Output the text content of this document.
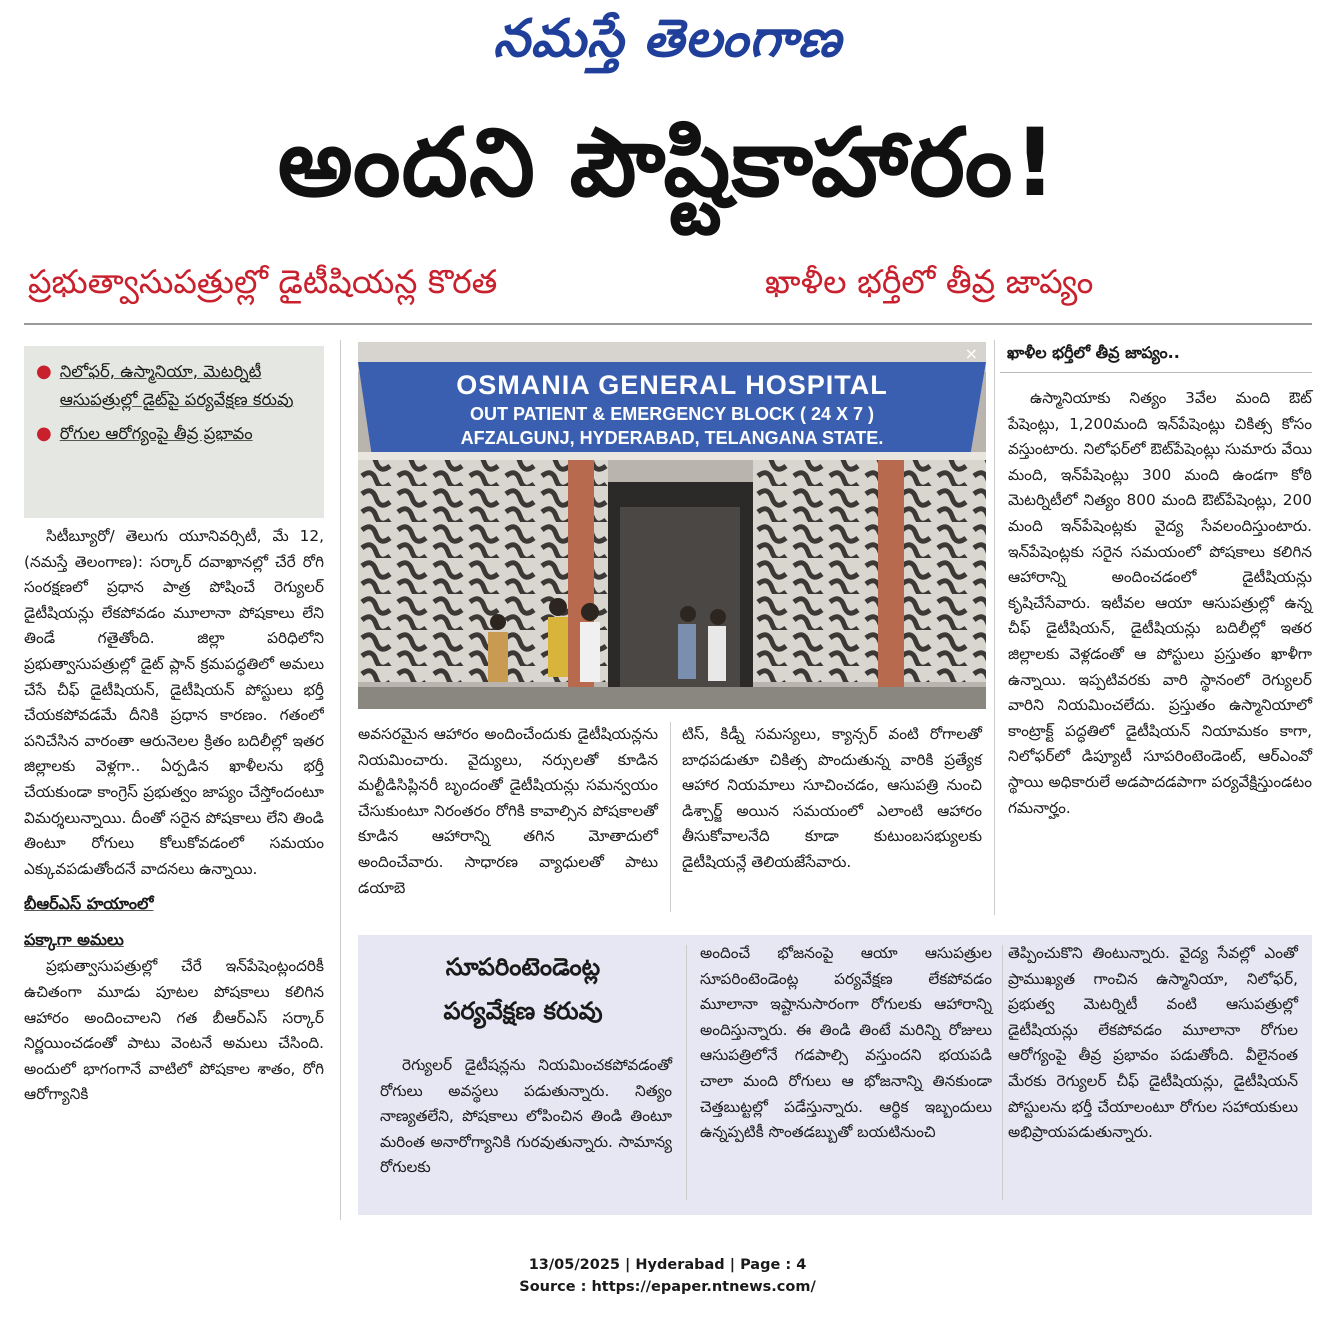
నమస్తే తెలంగాణ
అందని పౌష్టికాహారం!
ప్రభుత్వాసుపత్రుల్లో డైటీషియన్ల కొరత	ఖాళీల భర్తీలో తీవ్ర జాప్యం
● నిలోఫర్‌, ఉస్మానియా, మెటర్నిటీ ఆసుపత్రుల్లో డైట్‌పై పర్యవేక్షణ కరువు
● రోగుల ఆరోగ్యంపై తీవ్ర ప్రభావం

సిటీబ్యూరో/ తెలుగు యూనివర్సిటీ, మే 12,(నమస్తే తెలంగాణ): సర్కార్‌ దవాఖానల్లో చేరే రోగి సంరక్షణలో ప్రధాన పాత్ర పోషించే రెగ్యులర్‌ డైటీషియన్లు లేకపోవడం మూలానా పోషకాలు లేని తిండే గతైతోంది. జిల్లా పరిధిలోని ప్రభుత్వాసుపత్రుల్లో డైట్‌ ప్లాన్‌ క్రమపద్ధతిలో అమలు చేసే చీఫ్‌ డైటీషియన్‌, డైటీషియన్‌ పోస్టులు భర్తీ చేయకపోవడమే దీనికి ప్రధాన కారణం. గతంలో పనిచేసిన వారంతా ఆరునెలల క్రితం బదిలీల్లో ఇతర జిల్లాలకు వెళ్లగా.. ఏర్పడిన ఖాళీలను భర్తీ చేయకుండా కాంగ్రెస్‌ ప్రభుత్వం జాప్యం చేస్తోందంటూ విమర్శలున్నాయి. దీంతో సరైన పోషకాలు లేని తిండి తింటూ రోగులు కోలుకోవడంలో సమయం ఎక్కువపడుతోందనే వాదనలు ఉన్నాయి.

బీఆర్‌ఎస్‌ హయాంలో
పక్కాగా అమలు

ప్రభుత్వాసుపత్రుల్లో చేరే ఇన్‌పేషెంట్లందరికీ ఉచితంగా మూడు పూటల పోషకాలు కలిగిన ఆహారం అందించాలని గత బీఆర్‌ఎస్‌ సర్కార్‌ నిర్ణయించడంతో పాటు వెంటనే అమలు చేసింది. అందులో భాగంగానే వాటిలో పోషకాల శాతం, రోగి ఆరోగ్యానికి

OSMANIA GENERAL HOSPITAL
OUT PATIENT & EMERGENCY BLOCK ( 24 X 7 )
AFZALGUNJ, HYDERABAD, TELANGANA STATE.
×
అవసరమైన ఆహారం అందించేందుకు డైటీషియన్లను నియమించారు. వైద్యులు, నర్సులతో కూడిన మల్టీడిసిప్లినరీ బృందంతో డైటీషియన్లు సమన్వయం చేసుకుంటూ నిరంతరం రోగికి కావాల్సిన పోషకాలతో కూడిన ఆహారాన్ని తగిన మోతాదులో అందించేవారు. సాధారణ వ్యాధులతో పాటు డయాబె
టిస్‌, కిడ్నీ సమస్యలు, క్యాన్సర్‌ వంటి రోగాలతో బాధపడుతూ చికిత్స పొందుతున్న వారికి ప్రత్యేక ఆహార నియమాలు సూచించడం, ఆసుపత్రి నుంచి డిశ్చార్జ్‌ అయిన సమయంలో ఎలాంటి ఆహారం తీసుకోవాలనేది కూడా కుటుంబసభ్యులకు డైటీషియన్లే తెలియజేసేవారు.
ఖాళీల భర్తీలో తీవ్ర జాప్యం..

ఉస్మానియాకు నిత్యం 3వేల మంది ఔట్‌ పేషెంట్లు, 1,200మంది ఇన్‌పేషెంట్లు చికిత్స కోసం వస్తుంటారు. నిలోఫర్‌లో ఔట్‌పేషెంట్లు సుమారు వేయి మంది, ఇన్‌పేషెంట్లు 300 మంది ఉండగా కోఠి మెటర్నిటీలో నిత్యం 800 మంది ఔట్‌పేషెంట్లు, 200 మంది ఇన్‌పేషెంట్లకు వైద్య సేవలందిస్తుంటారు. ఇన్‌పేషెంట్లకు సరైన సమయంలో పోషకాలు కలిగిన ఆహారాన్ని అందించడంలో డైటీషియన్లు కృషిచేసేవారు. ఇటీవల ఆయా ఆసుపత్రుల్లో ఉన్న చీఫ్‌ డైటీషియన్‌, డైటీషియన్లు బదిలీల్లో ఇతర జిల్లాలకు వెళ్లడంతో ఆ పోస్టులు ప్రస్తుతం ఖాళీగా ఉన్నాయి. ఇప్పటివరకు వారి స్థానంలో రెగ్యులర్‌ వారిని నియమించలేదు. ప్రస్తుతం ఉస్మానియాలో కాంట్రాక్ట్‌ పద్ధతిలో డైటీషియన్‌ నియామకం కాగా, నిలోఫర్‌లో డిప్యూటీ సూపరింటెండెంట్‌, ఆర్‌ఎంవో స్థాయి అధికారులే అడపాదడపాగా పర్యవేక్షిస్తుండటం గమనార్హం.

సూపరింటెండెంట్ల
పర్యవేక్షణ కరువు

రెగ్యులర్‌ డైటీషన్లను నియమించకపోవడంతో రోగులు అవస్థలు పడుతున్నారు. నిత్యం నాణ్యతలేని, పోషకాలు లోపించిన తిండి తింటూ మరింత అనారోగ్యానికి గురవుతున్నారు. సామాన్య రోగులకు

అందించే భోజనంపై ఆయా ఆసుపత్రుల సూపరింటెండెంట్ల పర్యవేక్షణ లేకపోవడం మూలానా ఇష్టానుసారంగా రోగులకు ఆహారాన్ని అందిస్తున్నారు. ఈ తిండి తింటే మరిన్ని రోజులు ఆసుపత్రిలోనే గడపాల్సి వస్తుందని భయపడి చాలా మంది రోగులు ఆ భోజనాన్ని తినకుండా చెత్తబుట్టల్లో పడేస్తున్నారు. ఆర్థిక ఇబ్బందులు ఉన్నప్పటికీ సొంతడబ్బుతో బయటినుంచి
తెప్పించుకొని తింటున్నారు. వైద్య సేవల్లో ఎంతో ప్రాముఖ్యత గాంచిన ఉస్మానియా, నిలోఫర్‌, ప్రభుత్వ మెటర్నిటీ వంటి ఆసుపత్రుల్లో డైటీషియన్లు లేకపోవడం మూలానా రోగుల ఆరోగ్యంపై తీవ్ర ప్రభావం పడుతోంది. వీలైనంత మేరకు రెగ్యులర్‌ చీఫ్‌ డైటీషియన్లు, డైటీషియన్‌ పోస్టులను భర్తీ చేయాలంటూ రోగుల సహాయకులు అభిప్రాయపడుతున్నారు.
13/05/2025 | Hyderabad | Page : 4
Source : https://epaper.ntnews.com/
